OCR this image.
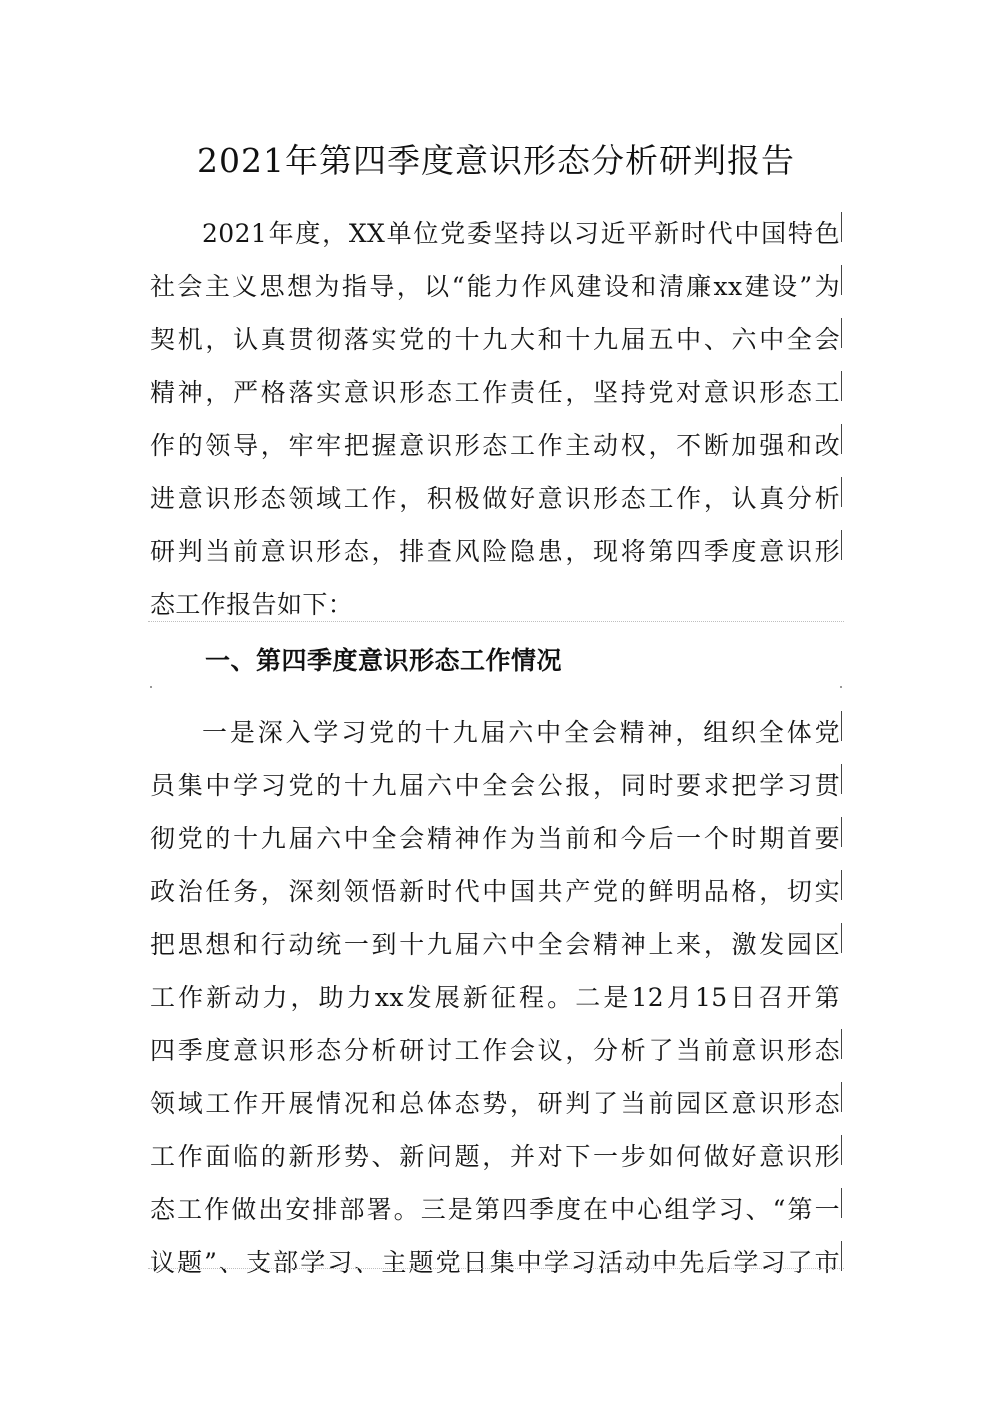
2021年第四季度意识形态分析研判报告
2021年度，XX单位党委坚持以习近平新时代中国特色
社会主义思想为指导，以“能力作风建设和清廉xx建设”为
契机，认真贯彻落实党的十九大和十九届五中、六中全会
精神，严格落实意识形态工作责任，坚持党对意识形态工
作的领导，牢牢把握意识形态工作主动权，不断加强和改
进意识形态领域工作，积极做好意识形态工作，认真分析
研判当前意识形态，排查风险隐患，现将第四季度意识形
态工作报告如下：
一、第四季度意识形态工作情况
一是深入学习党的十九届六中全会精神，组织全体党
员集中学习党的十九届六中全会公报，同时要求把学习贯
彻党的十九届六中全会精神作为当前和今后一个时期首要
政治任务，深刻领悟新时代中国共产党的鲜明品格，切实
把思想和行动统一到十九届六中全会精神上来，激发园区
工作新动力，助力xx发展新征程。二是12月15日召开第
四季度意识形态分析研讨工作会议，分析了当前意识形态
领域工作开展情况和总体态势，研判了当前园区意识形态
工作面临的新形势、新问题，并对下一步如何做好意识形
态工作做出安排部署。三是第四季度在中心组学习、“第一
议题”、支部学习、主题党日集中学习活动中先后学习了市
